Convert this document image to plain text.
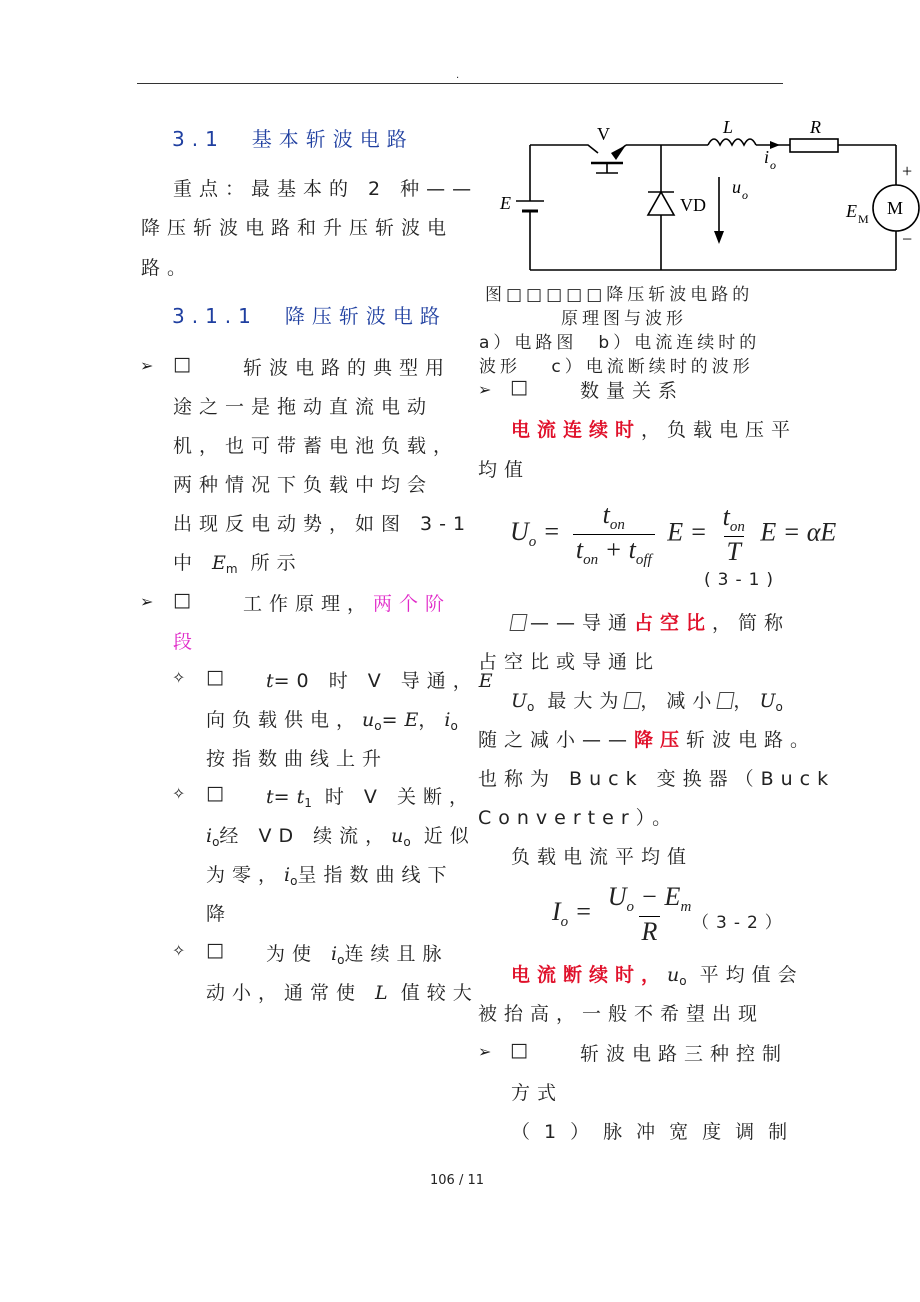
.
3.1　基本斩波电路
重点：最基本的 2 种——
降压斩波电路和升压斩波电
路。
3.1.1　降压斩波电路
➢ □ 斩波电路的典型用
途之一是拖动直流电动
机，也可带蓄电池负载，
两种情况下负载中均会
出现反电动势，如图 3-1
中 $E_m$ 所示
➢ □ 工作原理，两个阶
段
✧ □ t=0 时 V 导通，E
向负载供电，$u_o=E$，$i_o$
按指数曲线上升
✧ □ $t=t_1$ 时 V 关断，
$i_o$经 VD 续流，$u_o$ 近似
为零，$i_o$呈指数曲线下
降
✧ □ 为使 $i_o$连续且脉
动小，通常使 L 值较大
V	L	R
i o
E	VD
u o
E M
M
+
−
图□□□□□降压斩波电路的
原理图与波形
a）电路图　b）电流连续时的
波形　 c）电流断续时的波形
➢ □ 数量关系
电流连续时，负载电压平
均值
$U_o = \frac{t_{on}}{t_{on} + t_{off}}$ $E = \frac{t_{on}}{T}$ E = αE
(3-1)
——导通占空比，简称
占空比或导通比
$U_o$ 最大为 ，减小 ，$U_o$
随之减小——降压斩波电路。
也称为 Buck 变换器（Buck
Converter）。
负载电流平均值
$I_o = \frac{U_o - E_m}{R}$
（3-2）
电流断续时，$u_o$ 平均值会
被抬高，一般不希望出现
➢ □ 斩波电路三种控制
方式
（1）脉冲宽度调制
106 / 11
